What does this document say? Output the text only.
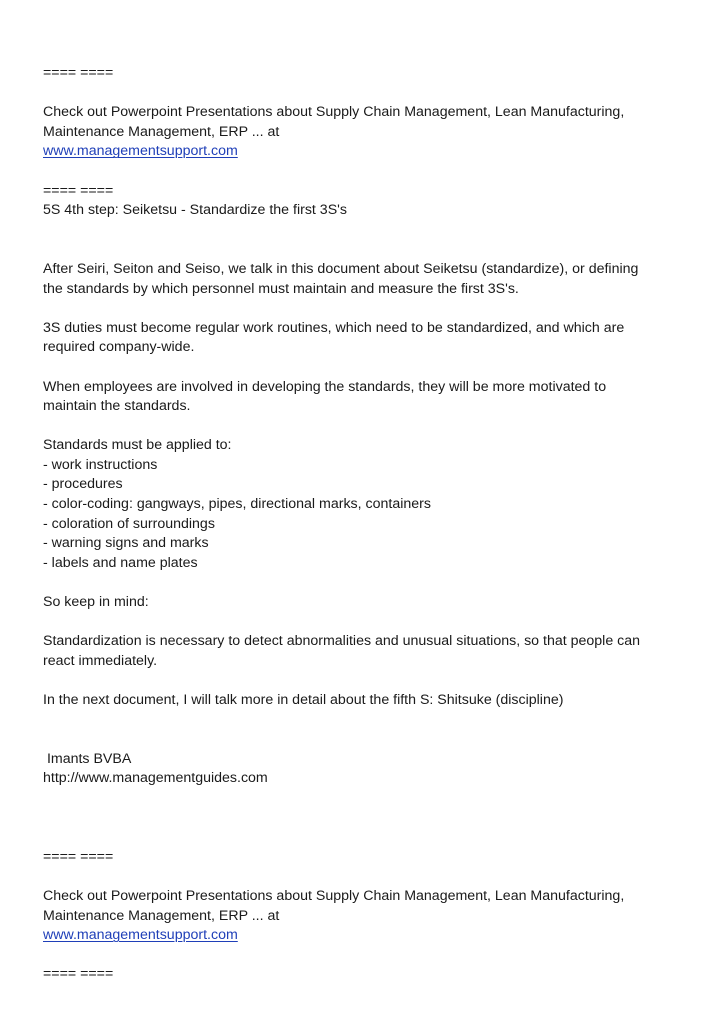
==== ====
Check out Powerpoint Presentations about Supply Chain Management, Lean Manufacturing,
Maintenance Management, ERP ... at
www.managementsupport.com
==== ====
5S 4th step: Seiketsu - Standardize the first 3S's
After Seiri, Seiton and Seiso, we talk in this document about Seiketsu (standardize), or defining
the standards by which personnel must maintain and measure the first 3S's.
3S duties must become regular work routines, which need to be standardized, and which are
required company-wide.
When employees are involved in developing the standards, they will be more motivated to
maintain the standards.
Standards must be applied to:
- work instructions
- procedures
- color-coding: gangways, pipes, directional marks, containers
- coloration of surroundings
- warning signs and marks
- labels and name plates
So keep in mind:
Standardization is necessary to detect abnormalities and unusual situations, so that people can
react immediately.
In the next document, I will talk more in detail about the fifth S: Shitsuke (discipline)
Imants BVBA
http://www.managementguides.com
==== ====
Check out Powerpoint Presentations about Supply Chain Management, Lean Manufacturing,
Maintenance Management, ERP ... at
www.managementsupport.com
==== ====
